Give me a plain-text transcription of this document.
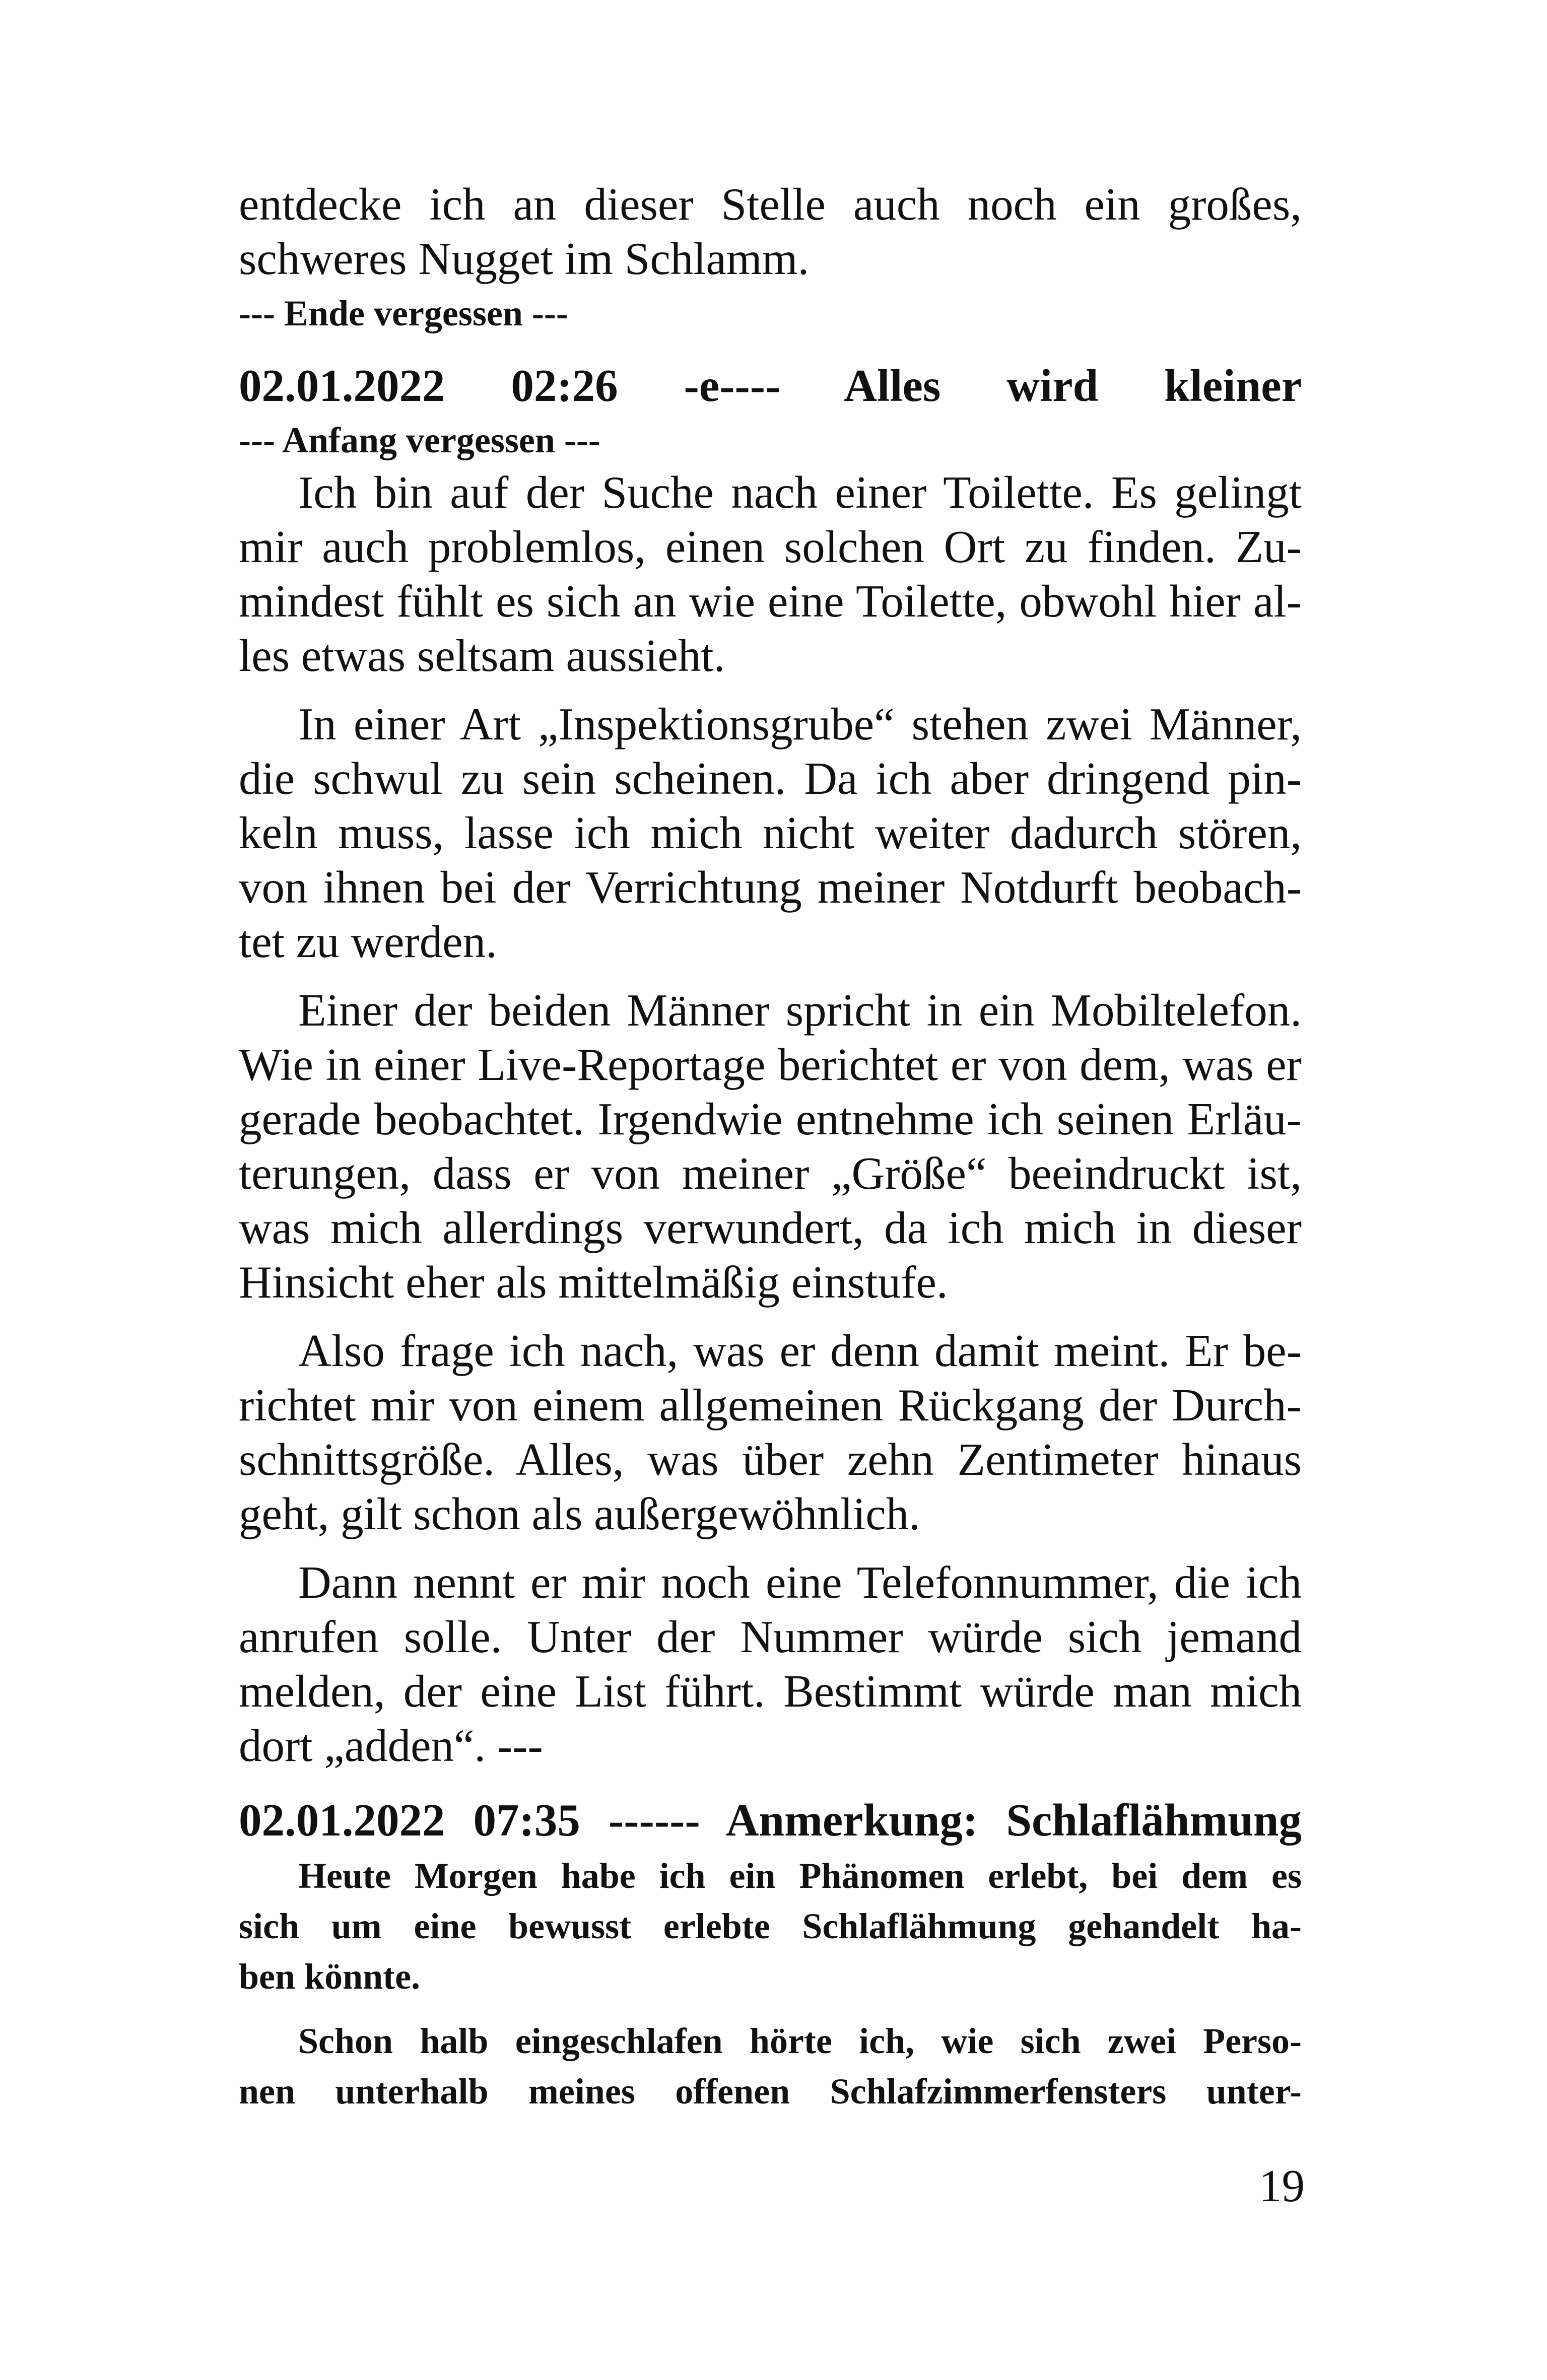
entdecke ich an dieser Stelle auch noch ein großes,
schweres Nugget im Schlamm.
--- Ende vergessen ---
02.01.2022 02:26 -e---- Alles wird kleiner
--- Anfang vergessen ---
Ich bin auf der Suche nach einer Toilette. Es gelingt
mir auch problemlos, einen solchen Ort zu finden. Zu-
mindest fühlt es sich an wie eine Toilette, obwohl hier al-
les etwas seltsam aussieht.
In einer Art „Inspektionsgrube“ stehen zwei Männer,
die schwul zu sein scheinen. Da ich aber dringend pin-
keln muss, lasse ich mich nicht weiter dadurch stören,
von ihnen bei der Verrichtung meiner Notdurft beobach-
tet zu werden.
Einer der beiden Männer spricht in ein Mobiltelefon.
Wie in einer Live-Reportage berichtet er von dem, was er
gerade beobachtet. Irgendwie entnehme ich seinen Erläu-
terungen, dass er von meiner „Größe“ beeindruckt ist,
was mich allerdings verwundert, da ich mich in dieser
Hinsicht eher als mittelmäßig einstufe.
Also frage ich nach, was er denn damit meint. Er be-
richtet mir von einem allgemeinen Rückgang der Durch-
schnittsgröße. Alles, was über zehn Zentimeter hinaus
geht, gilt schon als außergewöhnlich.
Dann nennt er mir noch eine Telefonnummer, die ich
anrufen solle. Unter der Nummer würde sich jemand
melden, der eine List führt. Bestimmt würde man mich
dort „adden“. ---
02.01.2022 07:35 ------ Anmerkung: Schlaflähmung
Heute Morgen habe ich ein Phänomen erlebt, bei dem es
sich um eine bewusst erlebte Schlaflähmung gehandelt ha-
ben könnte.
Schon halb eingeschlafen hörte ich, wie sich zwei Perso-
nen unterhalb meines offenen Schlafzimmerfensters unter-
19
